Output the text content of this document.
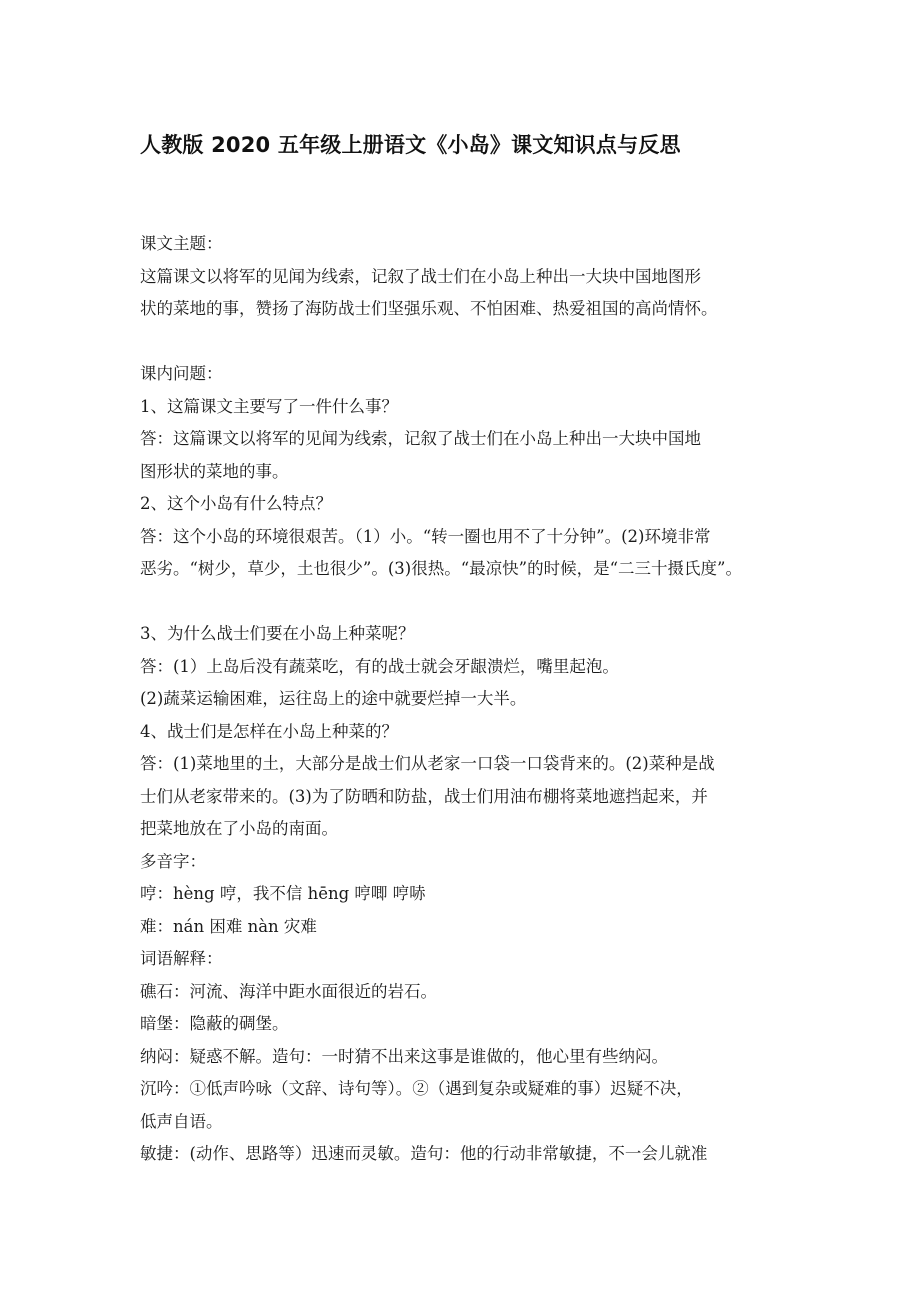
人教版 2020 五年级上册语文《小岛》课文知识点与反思
课文主题：
这篇课文以将军的见闻为线索，记叙了战士们在小岛上种出一大块中国地图形
状的菜地的事，赞扬了海防战士们坚强乐观、不怕困难、热爱祖国的高尚情怀。
课内问题：
1、这篇课文主要写了一件什么事？
答：这篇课文以将军的见闻为线索，记叙了战士们在小岛上种出一大块中国地
图形状的菜地的事。
2、这个小岛有什么特点？
答：这个小岛的环境很艰苦。（1）小。“转一圈也用不了十分钟”。(2)环境非常
恶劣。“树少，草少，土也很少”。(3)很热。“最凉快”的时候，是“二三十摄氏度”。
3、为什么战士们要在小岛上种菜呢？
答：(1）上岛后没有蔬菜吃，有的战士就会牙龈溃烂，嘴里起泡。
(2)蔬菜运输困难，运往岛上的途中就要烂掉一大半。
4、战士们是怎样在小岛上种菜的？
答：(1)菜地里的土，大部分是战士们从老家一口袋一口袋背来的。(2)菜种是战
士们从老家带来的。(3)为了防晒和防盐，战士们用油布棚将菜地遮挡起来，并
把菜地放在了小岛的南面。
多音字：
哼：hèng 哼，我不信 hēng 哼唧 哼哧
难：nán 困难 nàn 灾难
词语解释：
礁石：河流、海洋中距水面很近的岩石。
暗堡：隐蔽的碉堡。
纳闷：疑惑不解。造句：一时猜不出来这事是谁做的，他心里有些纳闷。
沉吟：①低声吟咏（文辞、诗句等）。②（遇到复杂或疑难的事）迟疑不决，
低声自语。
敏捷：(动作、思路等）迅速而灵敏。造句：他的行动非常敏捷，不一会儿就准
